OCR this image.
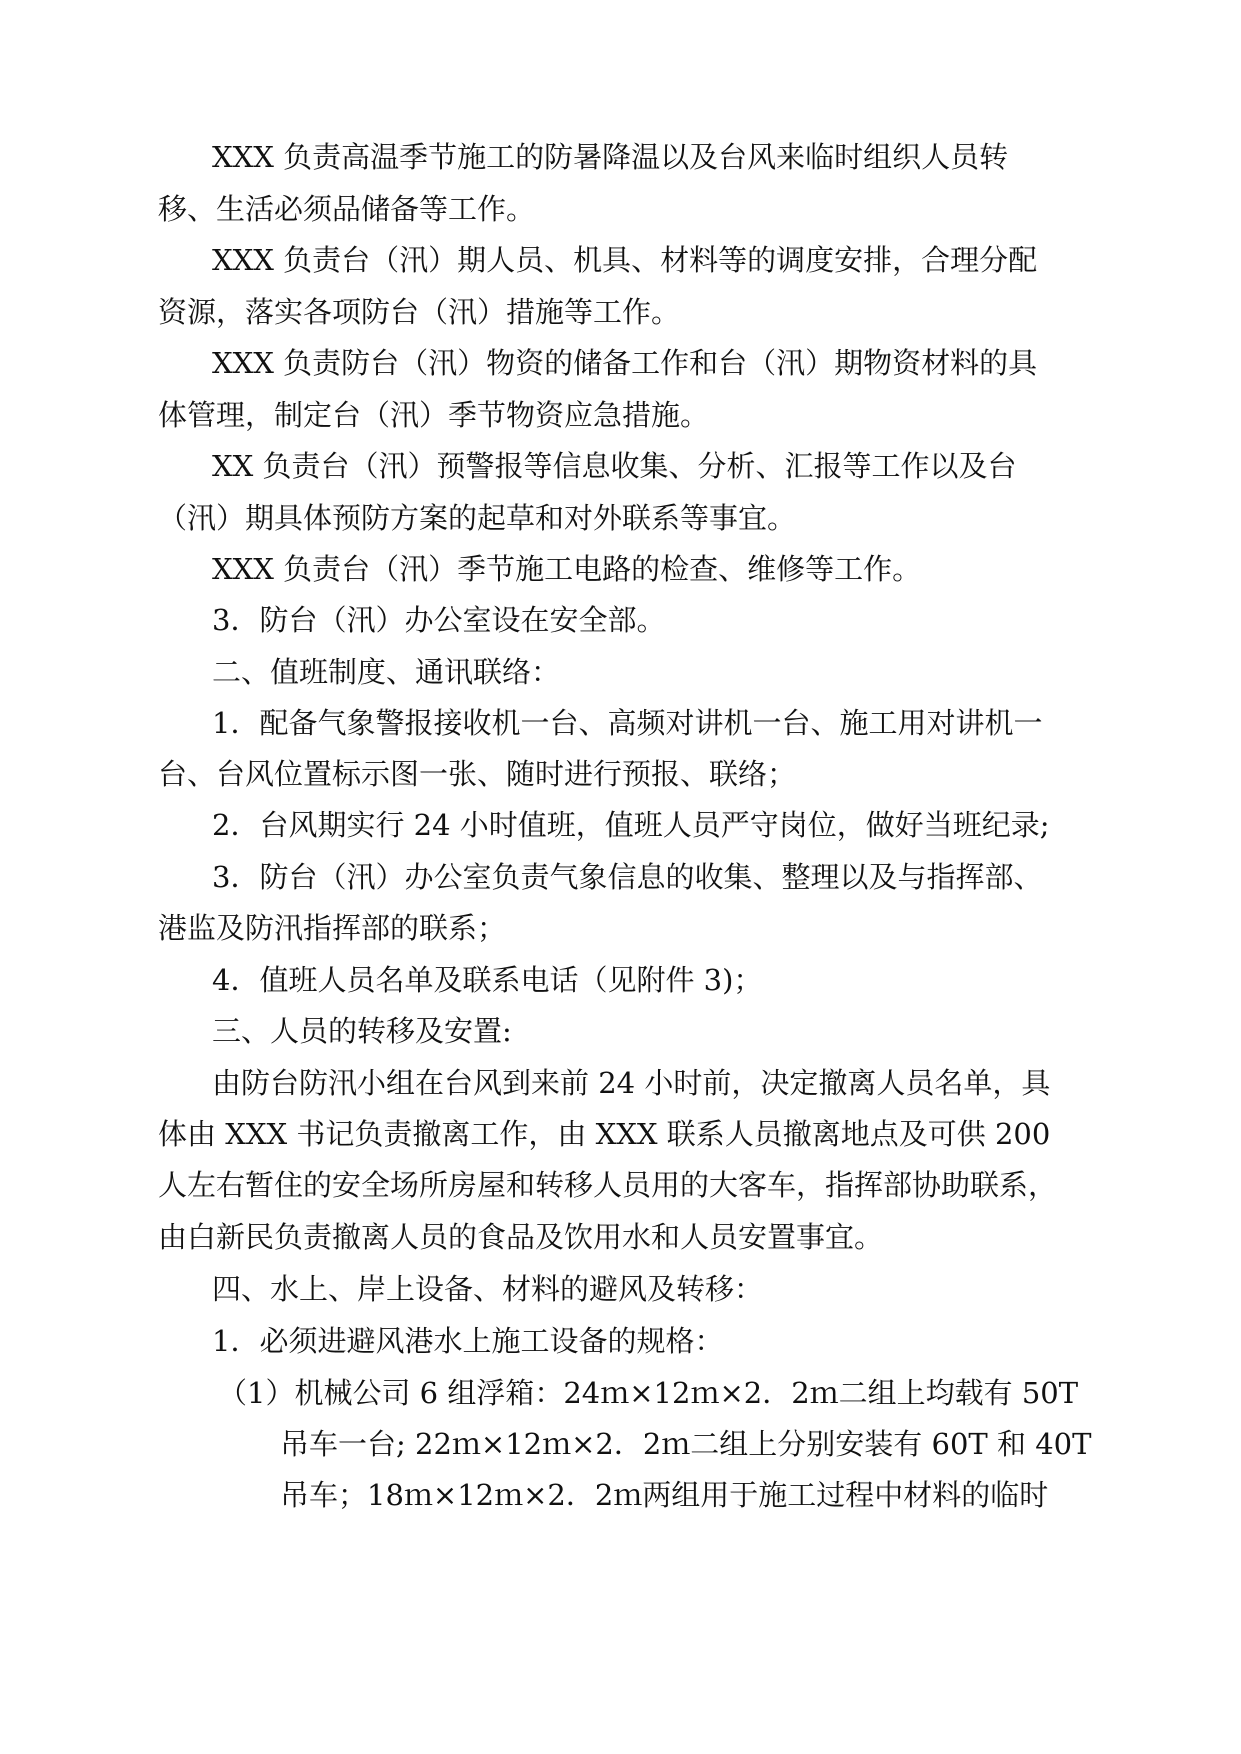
XXX 负责高温季节施工的防暑降温以及台风来临时组织人员转
移、生活必须品储备等工作。
XXX 负责台（汛）期人员、机具、材料等的调度安排，合理分配
资源，落实各项防台（汛）措施等工作。
XXX 负责防台（汛）物资的储备工作和台（汛）期物资材料的具
体管理，制定台（汛）季节物资应急措施。
XX 负责台（汛）预警报等信息收集、分析、汇报等工作以及台
（汛）期具体预防方案的起草和对外联系等事宜。
XXX 负责台（汛）季节施工电路的检查、维修等工作。
3．防台（汛）办公室设在安全部。
二、值班制度、通讯联络：
1．配备气象警报接收机一台、高频对讲机一台、施工用对讲机一
台、台风位置标示图一张、随时进行预报、联络；
2．台风期实行 24 小时值班，值班人员严守岗位，做好当班纪录;
3．防台（汛）办公室负责气象信息的收集、整理以及与指挥部、
港监及防汛指挥部的联系；
4．值班人员名单及联系电话（见附件 3)；
三、人员的转移及安置:
由防台防汛小组在台风到来前 24 小时前，决定撤离人员名单，具
体由 XXX 书记负责撤离工作，由 XXX 联系人员撤离地点及可供 200
人左右暂住的安全场所房屋和转移人员用的大客车，指挥部协助联系，
由白新民负责撤离人员的食品及饮用水和人员安置事宜。
四、水上、岸上设备、材料的避风及转移：
1．必须进避风港水上施工设备的规格：
（1）机械公司 6 组浮箱：24ｍ×12ｍ×2．2ｍ二组上均载有 50T
吊车一台; 22ｍ×12ｍ×2．2ｍ二组上分别安装有 60T 和 40T
吊车；18ｍ×12ｍ×2．2ｍ两组用于施工过程中材料的临时
